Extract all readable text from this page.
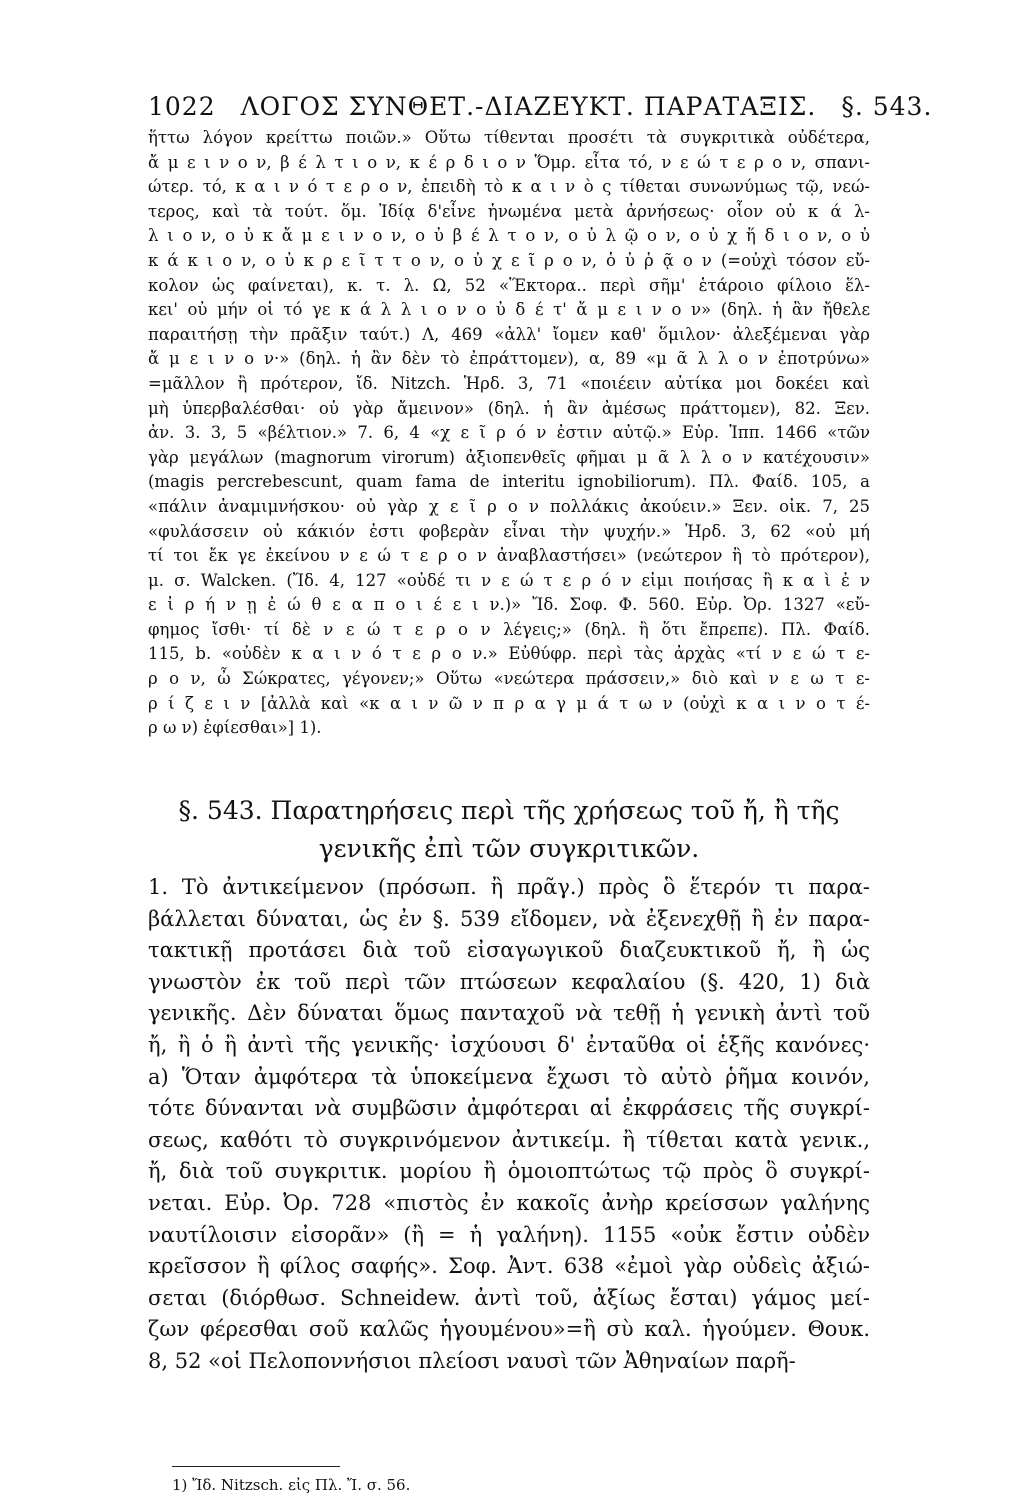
1022 ΛΟΓΟΣ ΣΥΝΘΕΤ.-ΔΙΑΖΕΥΚΤ. ΠΑΡΑΤΑΞΙΣ. §. 543.

ἥττω λόγον κρείττω ποιῶν.» Οὕτω τίθενται προσέτι τὰ συγκριτικὰ οὐδέτερα,

ἄ μ ε ι ν ο ν, β έ λ τ ι ο ν, κ έ ρ δ ι ο ν Ὅμρ. εἶτα τό, ν ε ώ τ ε ρ ο ν, σπανι-

ώτερ. τό, κ α ι ν ό τ ε ρ ο ν, ἐπειδὴ τὸ κ α ι ν ὸ ς τίθεται συνωνύμως τῷ, νεώ-

τερος, καὶ τὰ τούτ. ὅμ. Ἰδίᾳ δ'εἶνε ἡνωμένα μετὰ ἀρνήσεως· οἷον οὐ κ ά λ-

λ ι ο ν, ο ὐ κ ἄ μ ε ι ν ο ν, ο ὐ β έ λ τ ο ν, ο ὐ λ ῷ ο ν, ο ὐ χ ἥ δ ι ο ν, ο ὐ

κ ά κ ι ο ν, ο ὐ κ ρ ε ῖ τ τ ο ν, ο ὐ χ ε ῖ ρ ο ν, ὁ ὐ ῥ ᾷ ο ν (=οὐχὶ τόσον εὔ-

κολον ὡς φαίνεται), κ. τ. λ. Ω, 52 «Ἕκτορα.. περὶ σῆμ' ἑτάροιο φίλοιο ἕλ-

κει' οὐ μήν οἱ τό γε κ ά λ λ ι ο ν ο ὐ δ έ τ' ἄ μ ε ι ν ο ν» (δηλ. ἡ ἂν ἤθελε

παραιτήσῃ τὴν πρᾶξιν ταύτ.) Λ, 469 «ἀλλ' ἴομεν καθ' ὅμιλον· ἀλεξέμεναι γὰρ

ἄ μ ε ι ν ο ν·» (δηλ. ἡ ἂν δὲν τὸ ἐπράττομεν), α, 89 «μ ᾶ λ λ ο ν ἐποτρύνω»

=μᾶλλον ἢ πρότερον, ἴδ. Nitzch. Ἡρδ. 3, 71 «ποιέειν αὐτίκα μοι δοκέει καὶ

μὴ ὑπερβαλέσθαι· οὐ γὰρ ἄμεινον» (δηλ. ἡ ἂν ἀμέσως πράττομεν), 82. Ξεν.

ἀν. 3. 3, 5 «βέλτιον.» 7. 6, 4 «χ ε ῖ ρ ό ν ἐστιν αὐτῷ.» Εὐρ. Ἱππ. 1466 «τῶν

γὰρ μεγάλων (magnorum virorum) ἀξιοπενθεῖς φῆμαι μ ᾶ λ λ ο ν κατέχουσιν»

(magis percrebescunt, quam fama de interitu ignobiliorum). Πλ. Φαίδ. 105, a

«πάλιν ἀναμιμνήσκου· οὐ γὰρ χ ε ῖ ρ ο ν πολλάκις ἀκούειν.» Ξεν. οἰκ. 7, 25

«φυλάσσειν οὐ κάκιόν ἐστι φοβερὰν εἶναι τὴν ψυχήν.» Ἡρδ. 3, 62 «οὐ μή

τί τοι ἔκ γε ἐκείνου ν ε ώ τ ε ρ ο ν ἀναβλαστήσει» (νεώτερον ἢ τὸ πρότερον),

μ. σ. Walcken. (Ἴδ. 4, 127 «οὐδέ τι ν ε ώ τ ε ρ ό ν εἰμι ποιήσας ἢ κ α ὶ ἐ ν

ε ἰ ρ ή ν ῃ ἐ ώ θ ε α π ο ι έ ε ι ν.)» Ἴδ. Σοφ. Φ. 560. Εὐρ. Ὀρ. 1327 «εὔ-

φημος ἴσθι· τί δὲ ν ε ώ τ ε ρ ο ν λέγεις;» (δηλ. ἢ ὅτι ἔπρεπε). Πλ. Φαίδ.

115, b. «οὐδὲν κ α ι ν ό τ ε ρ ο ν.» Εὐθύφρ. περὶ τὰς ἀρχὰς «τί ν ε ώ τ ε-

ρ ο ν, ὦ Σώκρατες, γέγονεν;» Οὕτω «νεώτερα πράσσειν,» διὸ καὶ ν ε ω τ ε-

ρ ί ζ ε ι ν [ἀλλὰ καὶ «κ α ι ν ῶ ν π ρ α γ μ ά τ ω ν (οὐχὶ κ α ι ν ο τ έ-

ρ ω ν) ἐφίεσθαι»] 1).

§. 543. Παρατηρήσεις περὶ τῆς χρήσεως τοῦ ἤ, ἢ τῆς
γενικῆς ἐπὶ τῶν συγκριτικῶν.

1. Τὸ ἀντικείμενον (πρόσωπ. ἢ πρᾶγ.) πρὸς ὃ ἕτερόν τι παρα-

βάλλεται δύναται, ὡς ἐν §. 539 εἴδομεν, νὰ ἐξενεχθῇ ἢ ἐν παρα-

τακτικῇ προτάσει διὰ τοῦ εἰσαγωγικοῦ διαζευκτικοῦ ἤ, ἢ ὡς

γνωστὸν ἐκ τοῦ περὶ τῶν πτώσεων κεφαλαίου (§. 420, 1) διὰ

γενικῆς. Δὲν δύναται ὅμως πανταχοῦ νὰ τεθῇ ἡ γενικὴ ἀντὶ τοῦ

ἤ, ἢ ὁ ἢ ἀντὶ τῆς γενικῆς· ἰσχύουσι δ' ἐνταῦθα οἱ ἑξῆς κανόνες·

a) Ὅταν ἀμφότερα τὰ ὑποκείμενα ἔχωσι τὸ αὐτὸ ῥῆμα κοινόν,

τότε δύνανται νὰ συμβῶσιν ἀμφότεραι αἱ ἐκφράσεις τῆς συγκρί-

σεως, καθότι τὸ συγκρινόμενον ἀντικείμ. ἢ τίθεται κατὰ γενικ.,

ἤ, διὰ τοῦ συγκριτικ. μορίου ἢ ὁμοιοπτώτως τῷ πρὸς ὃ συγκρί-

νεται. Εὐρ. Ὀρ. 728 «πιστὸς ἐν κακοῖς ἀνὴρ κρείσσων γαλήνης

ναυτίλοισιν εἰσορᾶν» (ἢ = ἡ γαλήνη). 1155 «οὐκ ἔστιν οὐδὲν

κρεῖσσον ἢ φίλος σαφής». Σοφ. Ἀντ. 638 «ἐμοὶ γὰρ οὐδεὶς ἀξιώ-

σεται (διόρθωσ. Schneidew. ἀντὶ τοῦ, ἀξίως ἔσται) γάμος μεί-

ζων φέρεσθαι σοῦ καλῶς ἡγουμένου»=ἢ σὺ καλ. ἡγούμεν. Θουκ.

8, 52 «οἱ Πελοποννήσιοι πλείοσι ναυσὶ τῶν Ἀθηναίων παρῆ-

1) Ἴδ. Nitzsch. εἰς Πλ. Ἴ. σ. 56.
